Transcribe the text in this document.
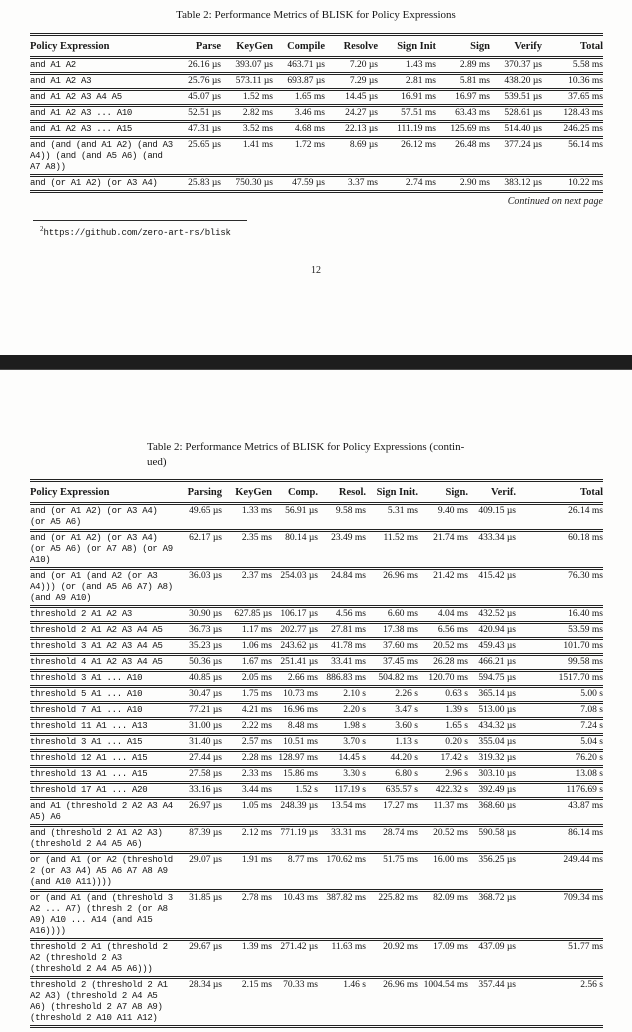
Table 2: Performance Metrics of BLISK for Policy Expressions
Policy Expression	Parse	KeyGen	Compile	Resolve	Sign Init	Sign	Verify	Total
and A1 A2	26.16 µs	393.07 µs	463.71 µs	7.20 µs	1.43 ms	2.89 ms	370.37 µs	5.58 ms
and A1 A2 A3	25.76 µs	573.11 µs	693.87 µs	7.29 µs	2.81 ms	5.81 ms	438.20 µs	10.36 ms
and A1 A2 A3 A4 A5	45.07 µs	1.52 ms	1.65 ms	14.45 µs	16.91 ms	16.97 ms	539.51 µs	37.65 ms
and A1 A2 A3 ... A10	52.51 µs	2.82 ms	3.46 ms	24.27 µs	57.51 ms	63.43 ms	528.61 µs	128.43 ms
and A1 A2 A3 ... A15	47.31 µs	3.52 ms	4.68 ms	22.13 µs	111.19 ms	125.69 ms	514.40 µs	246.25 ms
and (and (and A1 A2) (and A3 A4)) (and (and A5 A6) (and A7 A8))	25.65 µs	1.41 ms	1.72 ms	8.69 µs	26.12 ms	26.48 ms	377.24 µs	56.14 ms
and (or A1 A2) (or A3 A4)	25.83 µs	750.30 µs	47.59 µs	3.37 ms	2.74 ms	2.90 ms	383.12 µs	10.22 ms
Continued on next page
$^2$https://github.com/zero-art-rs/blisk
12
Table 2: Performance Metrics of BLISK for Policy Expressions (contin-
ued)
Policy Expression	Parsing	KeyGen	Comp.	Resol.	Sign Init.	Sign.	Verif.	Total
and (or A1 A2) (or A3 A4) (or A5 A6)	49.65 µs	1.33 ms	56.91 µs	9.58 ms	5.31 ms	9.40 ms	409.15 µs	26.14 ms
and (or A1 A2) (or A3 A4) (or A5 A6) (or A7 A8) (or A9 A10)	62.17 µs	2.35 ms	80.14 µs	23.49 ms	11.52 ms	21.74 ms	433.34 µs	60.18 ms
and (or A1 (and A2 (or A3 A4))) (or (and A5 A6 A7) A8) (and A9 A10)	36.03 µs	2.37 ms	254.03 µs	24.84 ms	26.96 ms	21.42 ms	415.42 µs	76.30 ms
threshold 2 A1 A2 A3	30.90 µs	627.85 µs	106.17 µs	4.56 ms	6.60 ms	4.04 ms	432.52 µs	16.40 ms
threshold 2 A1 A2 A3 A4 A5	36.73 µs	1.17 ms	202.77 µs	27.81 ms	17.38 ms	6.56 ms	420.94 µs	53.59 ms
threshold 3 A1 A2 A3 A4 A5	35.23 µs	1.06 ms	243.62 µs	41.78 ms	37.60 ms	20.52 ms	459.43 µs	101.70 ms
threshold 4 A1 A2 A3 A4 A5	50.36 µs	1.67 ms	251.41 µs	33.41 ms	37.45 ms	26.28 ms	466.21 µs	99.58 ms
threshold 3 A1 ... A10	40.85 µs	2.05 ms	2.66 ms	886.83 ms	504.82 ms	120.70 ms	594.75 µs	1517.70 ms
threshold 5 A1 ... A10	30.47 µs	1.75 ms	10.73 ms	2.10 s	2.26 s	0.63 s	365.14 µs	5.00 s
threshold 7 A1 ... A10	77.21 µs	4.21 ms	16.96 ms	2.20 s	3.47 s	1.39 s	513.00 µs	7.08 s
threshold 11 A1 ... A13	31.00 µs	2.22 ms	8.48 ms	1.98 s	3.60 s	1.65 s	434.32 µs	7.24 s
threshold 3 A1 ... A15	31.40 µs	2.57 ms	10.51 ms	3.70 s	1.13 s	0.20 s	355.04 µs	5.04 s
threshold 12 A1 ... A15	27.44 µs	2.28 ms	128.97 ms	14.45 s	44.20 s	17.42 s	319.32 µs	76.20 s
threshold 13 A1 ... A15	27.58 µs	2.33 ms	15.86 ms	3.30 s	6.80 s	2.96 s	303.10 µs	13.08 s
threshold 17 A1 ... A20	33.16 µs	3.44 ms	1.52 s	117.19 s	635.57 s	422.32 s	392.49 µs	1176.69 s
and A1 (threshold 2 A2 A3 A4 A5) A6	26.97 µs	1.05 ms	248.39 µs	13.54 ms	17.27 ms	11.37 ms	368.60 µs	43.87 ms
and (threshold 2 A1 A2 A3) (threshold 2 A4 A5 A6)	87.39 µs	2.12 ms	771.19 µs	33.31 ms	28.74 ms	20.52 ms	590.58 µs	86.14 ms
or (and A1 (or A2 (threshold 2 (or A3 A4) A5 A6 A7 A8 A9 (and A10 A11))))	29.07 µs	1.91 ms	8.77 ms	170.62 ms	51.75 ms	16.00 ms	356.25 µs	249.44 ms
or (and A1 (and (threshold 3 A2 ... A7) (thresh 2 (or A8 A9) A10 ... A14 (and A15 A16))))	31.85 µs	2.78 ms	10.43 ms	387.82 ms	225.82 ms	82.09 ms	368.72 µs	709.34 ms
threshold 2 A1 (threshold 2 A2 (threshold 2 A3 (threshold 2 A4 A5 A6)))	29.67 µs	1.39 ms	271.42 µs	11.63 ms	20.92 ms	17.09 ms	437.09 µs	51.77 ms
threshold 2 (threshold 2 A1 A2 A3) (threshold 2 A4 A5 A6) (threshold 2 A7 A8 A9) (threshold 2 A10 A11 A12)	28.34 µs	2.15 ms	70.33 ms	1.46 s	26.96 ms	1004.54 ms	357.44 µs	2.56 s
